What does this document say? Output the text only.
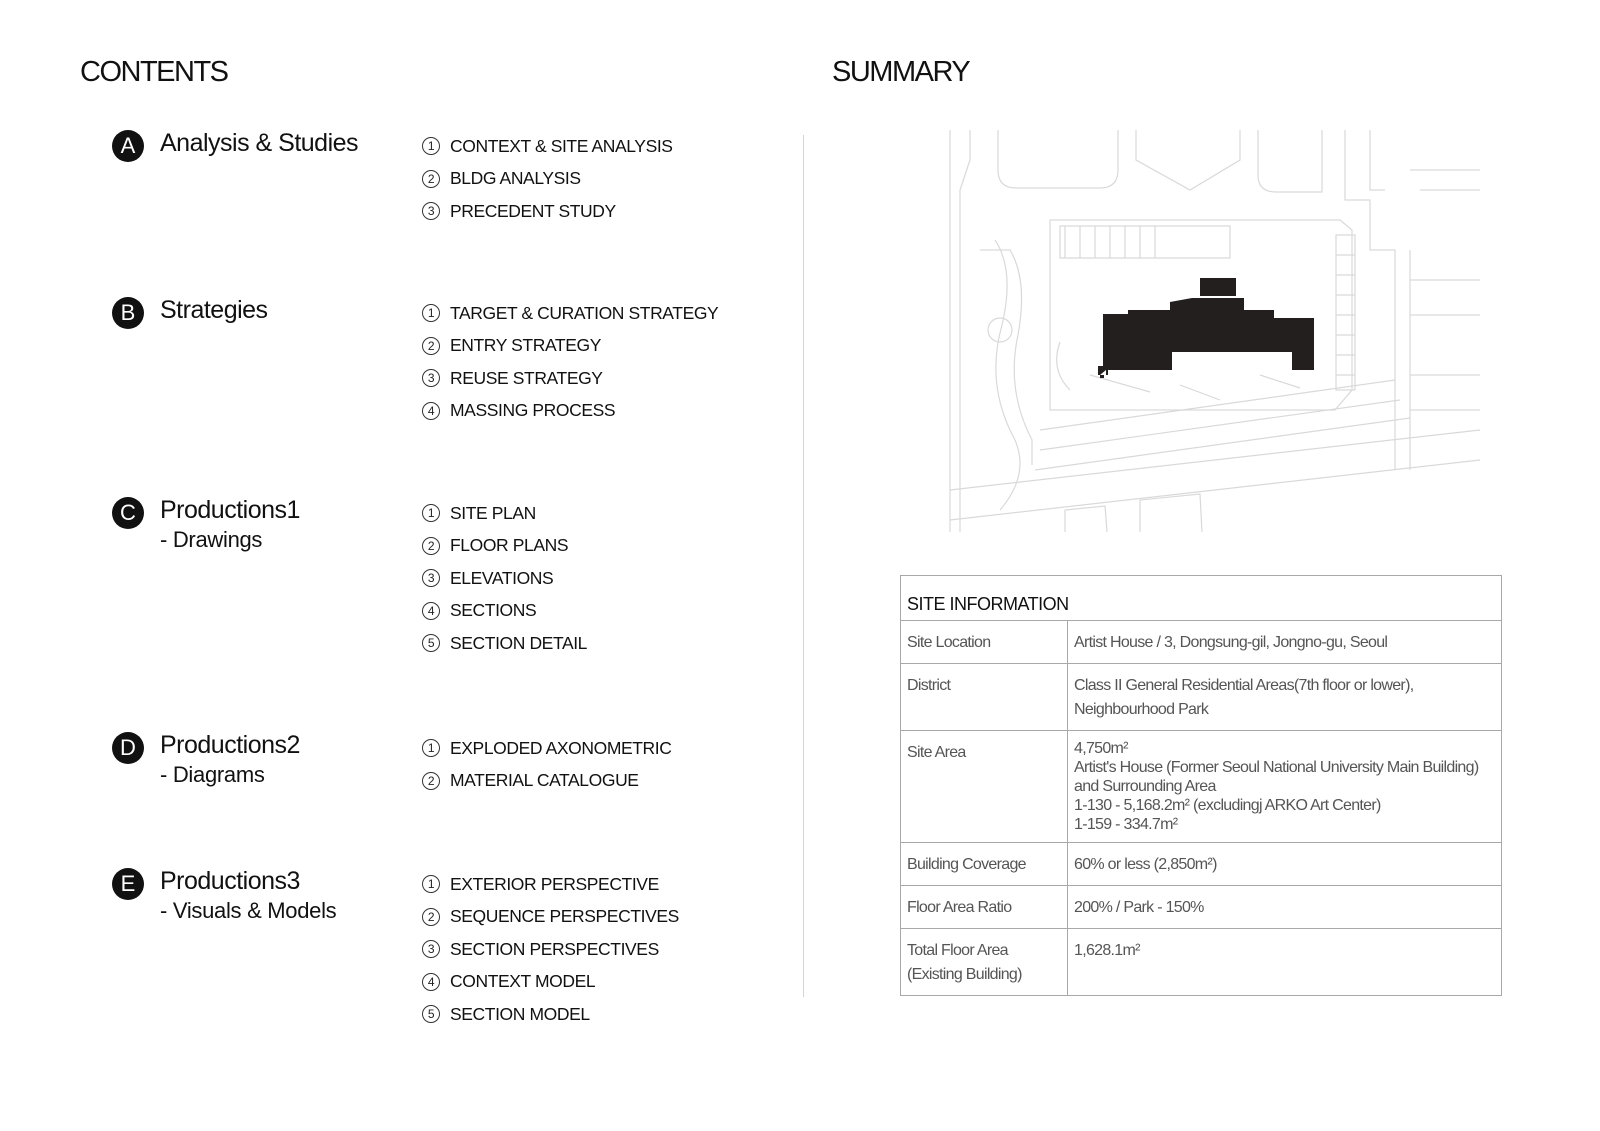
CONTENTS	SUMMARY
A Analysis & Studies	1 CONTEXT & SITE ANALYSIS
2 BLDG ANALYSIS
3 PRECEDENT STUDY
B Strategies	1 TARGET & CURATION STRATEGY
2 ENTRY STRATEGY
3 REUSE STRATEGY
4 MASSING PROCESS
C Productions1
- Drawings
1 SITE PLAN
2 FLOOR PLANS
3 ELEVATIONS
4 SECTIONS
5 SECTION DETAIL
D Productions2
- Diagrams
1 EXPLODED AXONOMETRIC
2 MATERIAL CATALOGUE
E Productions3
- Visuals & Models
1 EXTERIOR PERSPECTIVE
2 SEQUENCE PERSPECTIVES
3 SECTION PERSPECTIVES
4 CONTEXT MODEL
5 SECTION MODEL
SITE INFORMATION	
Site Location	Artist House / 3, Dongsung-gil, Jongno-gu, Seoul

District	Class II General Residential Areas(7th floor or lower),
Neighbourhood Park

Site Area	4,750m²
Artist's House (Former Seoul National University Main Building)
and Surrounding Area
1-130 - 5,168.2m² (excludingj ARKO Art Center)
1-159 - 334.7m²

Building Coverage	60% or less (2,850m²)

Floor Area Ratio	200% / Park - 150%

Total Floor Area
(Existing Building)	1,628.1m²
